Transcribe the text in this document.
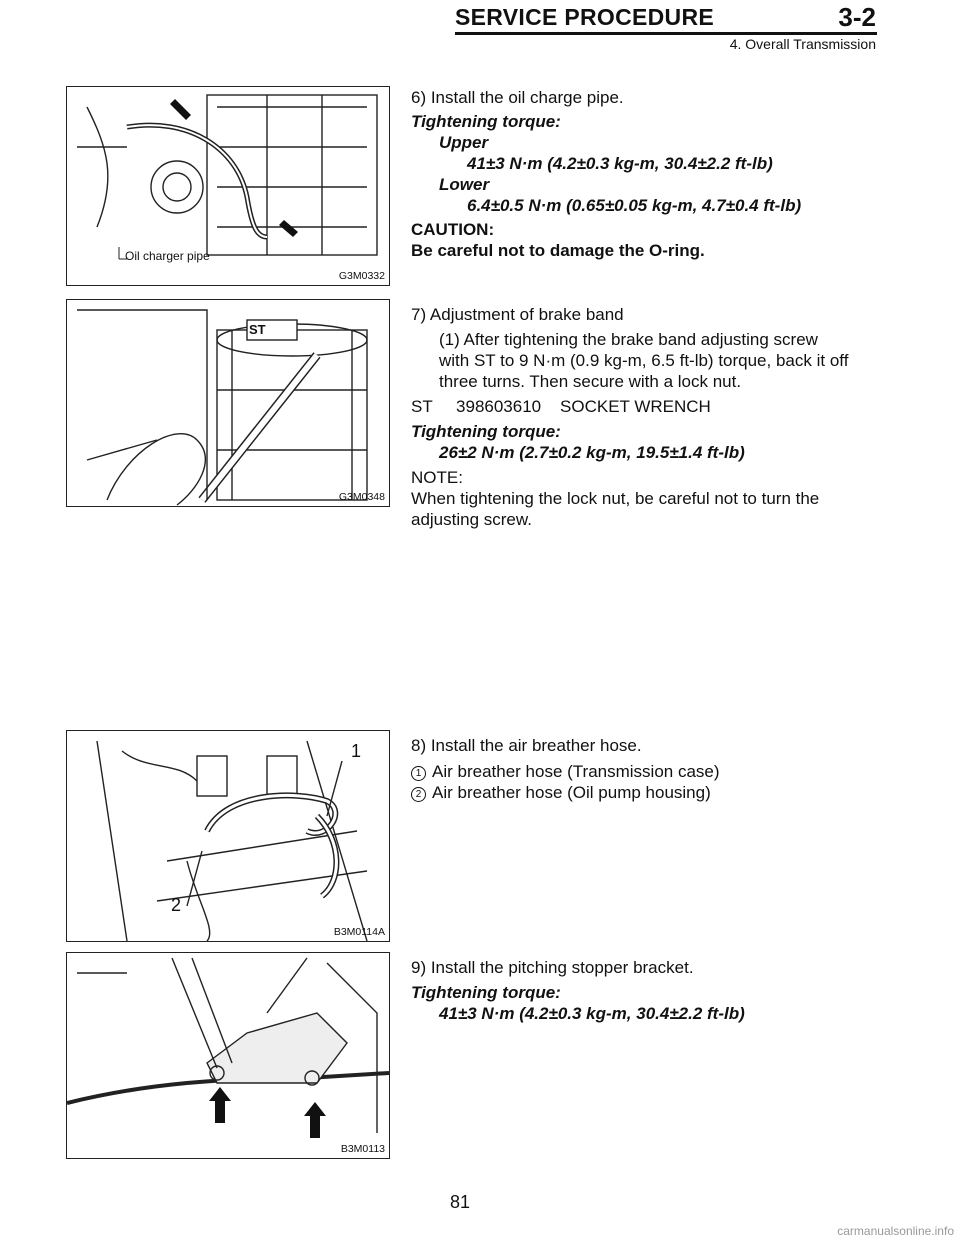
SERVICE PROCEDURE	3-2
4. Overall Transmission
Oil charger pipe
G3M0332

6) Install the oil charge pipe.

Tightening torque:

Upper

41±3 N·m (4.2±0.3 kg-m, 30.4±2.2 ft-lb)

Lower

6.4±0.5 N·m (0.65±0.05 kg-m, 4.7±0.4 ft-lb)

CAUTION:

Be careful not to damage the O-ring.

ST
G3M0348

7) Adjustment of brake band

(1) After tightening the brake band adjusting screw

with ST to 9 N·m (0.9 kg-m, 6.5 ft-lb) torque, back it off

three turns. Then secure with a lock nut.

ST     398603610    SOCKET WRENCH

Tightening torque:

26±2 N·m (2.7±0.2 kg-m, 19.5±1.4 ft-lb)

NOTE:

When tightening the lock nut, be careful not to turn the

adjusting screw.

1
2
B3M0114A

8) Install the air breather hose.

1 Air breather hose (Transmission case)

2 Air breather hose (Oil pump housing)

B3M0113

9) Install the pitching stopper bracket.

Tightening torque:

41±3 N·m (4.2±0.3 kg-m, 30.4±2.2 ft-lb)

81
carmanualsonline.info
